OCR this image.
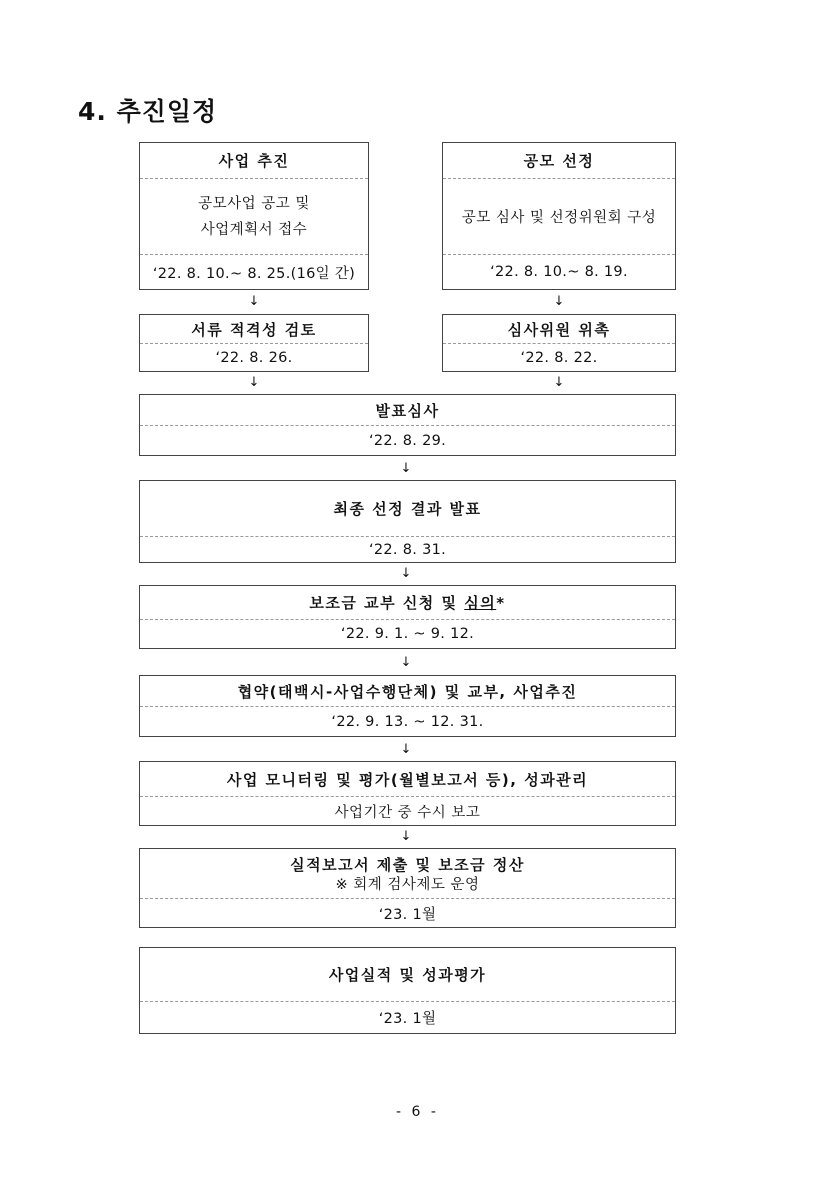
4. 추진일정
사업 추진
공모사업 공고 및
사업계획서 접수
‘22. 8. 10.~ 8. 25.(16일 간)
공모 선정
공모 심사 및 선정위원회 구성
‘22. 8. 10.~ 8. 19.
↓	↓
서류 적격성 검토
‘22. 8. 26.
심사위원 위촉
‘22. 8. 22.
↓	↓
발표심사
‘22. 8. 29.
↓
최종 선정 결과 발표
‘22. 8. 31.
↓
보조금 교부 신청 및 심의 *
‘22. 9. 1. ~ 9. 12.
↓
협약(태백시-사업수행단체) 및 교부, 사업추진
‘22. 9. 13. ~ 12. 31.
↓
사업 모니터링 및 평가(월별보고서 등), 성과관리
사업기간 중 수시 보고
↓
실적보고서 제출 및 보조금 정산
※ 회계 검사제도 운영
‘23. 1월
사업실적 및 성과평가
‘23. 1월
- 6 -
